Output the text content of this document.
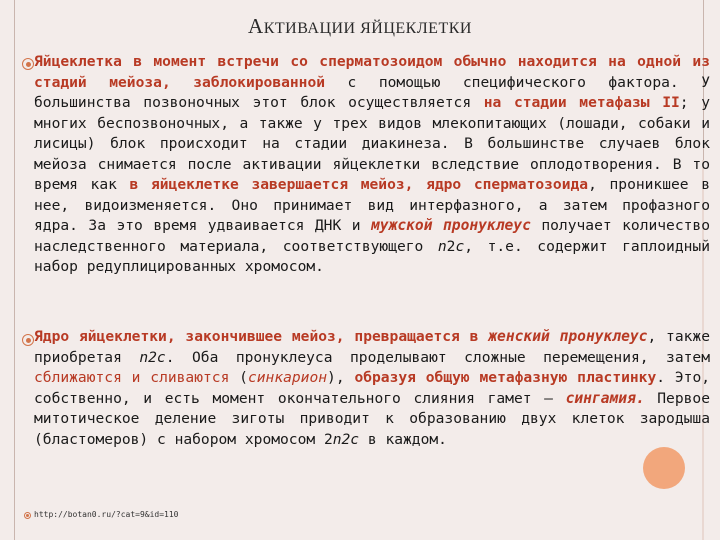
АКТИВАЦИИ ЯЙЦЕКЛЕТКИ
Яйцеклетка в момент встречи со сперматозоидом обычно находится на одной из стадий мейоза, заблокированной с помощью специфического фактора. У большинства позвоночных этот блок осуществляется на стадии метафазы II; у многих беспозвоночных, а также у трех видов млекопитающих (лошади, собаки и лисицы) блок происходит на стадии диакинеза. В большинстве случаев блок мейоза снимается после активации яйцеклетки вследствие оплодотворения. В то время как в яйцеклетке завершается мейоз, ядро сперматозоида, проникшее в нее, видоизменяется. Оно принимает вид интерфазного, а затем профазного ядра. За это время удваивается ДНК и мужской пронуклеус получает количество наследственного материала, соответствующего n2c, т.е. содержит гаплоидный набор редуплицированных хромосом.
Ядро яйцеклетки, закончившее мейоз, превращается в женский пронуклеус, также приобретая n2c. Оба пронуклеуса проделывают сложные перемещения, затем сближаются и сливаются (синкарион), образуя общую метафазную пластинку. Это, собственно, и есть момент окончательного слияния гамет — сингамия. Первое митотическое деление зиготы приводит к образованию двух клеток зародыша (бластомеров) с набором хромосом 2n2c в каждом.
http://botan0.ru/?cat=9&id=110
